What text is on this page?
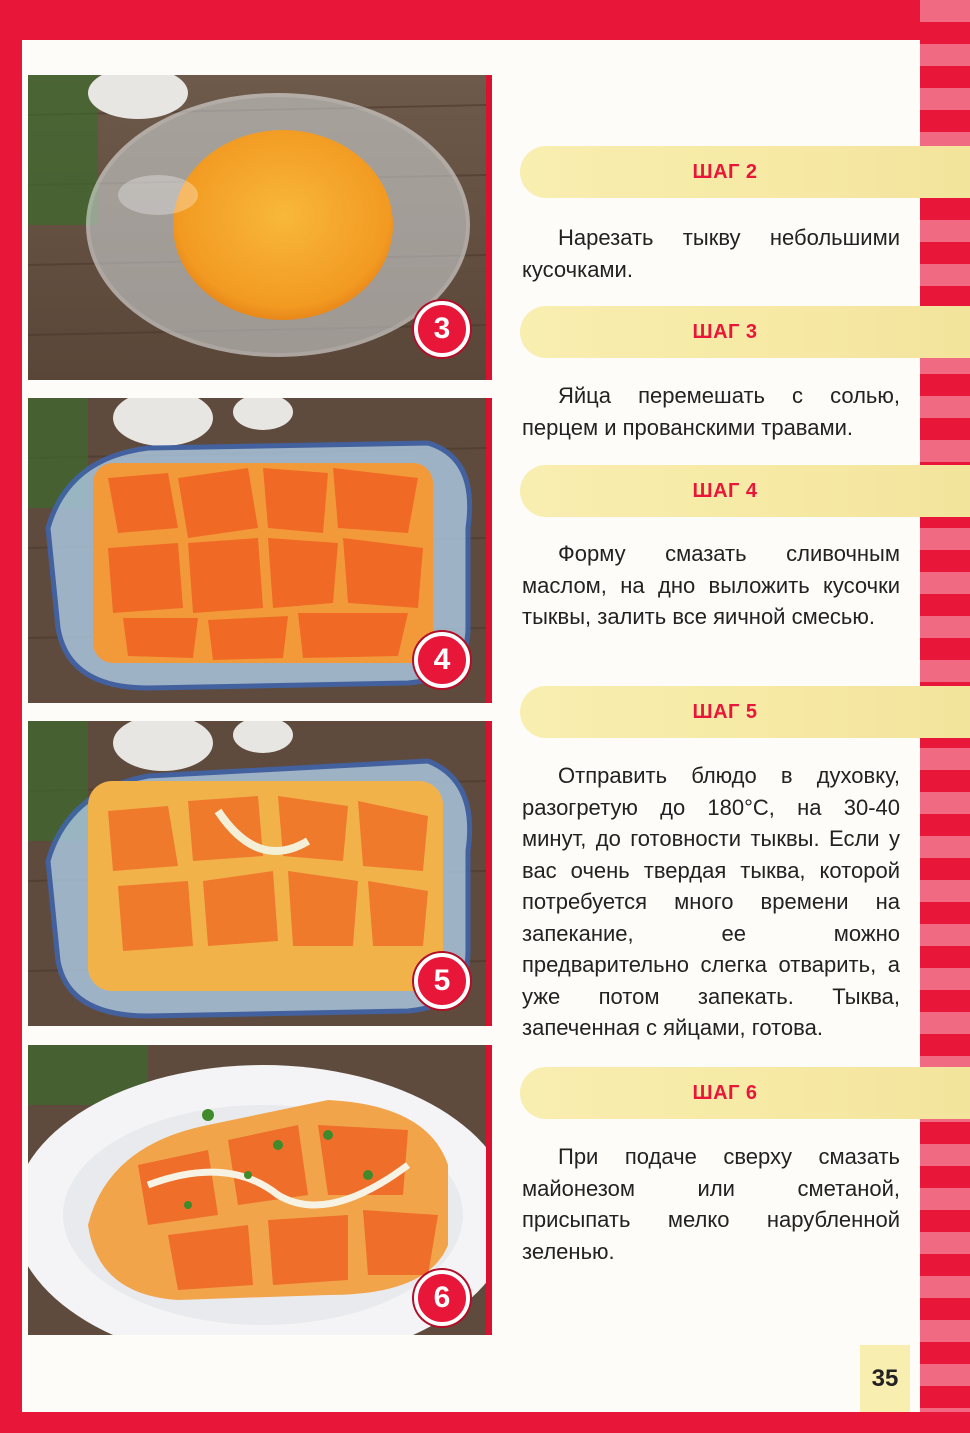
3
4
5
6
ШАГ 2
Нарезать тыкву небольшими кусочками.
ШАГ 3
Яйца перемешать с солью, перцем и прованскими травами.
ШАГ 4
Форму смазать сливочным маслом, на дно выложить кусочки тыквы, залить все яичной смесью.
ШАГ 5
Отправить блюдо в духовку, разогретую до 180°С, на 30-40 минут, до готовности тыквы. Если у вас очень твердая тыква, которой потребуется много времени на запекание, ее можно предварительно слегка отварить, а уже потом запекать. Тыква, запеченная с яйцами, готова.
ШАГ 6
При подаче сверху смазать майонезом или сметаной, присыпать мелко нарубленной зеленью.
35
